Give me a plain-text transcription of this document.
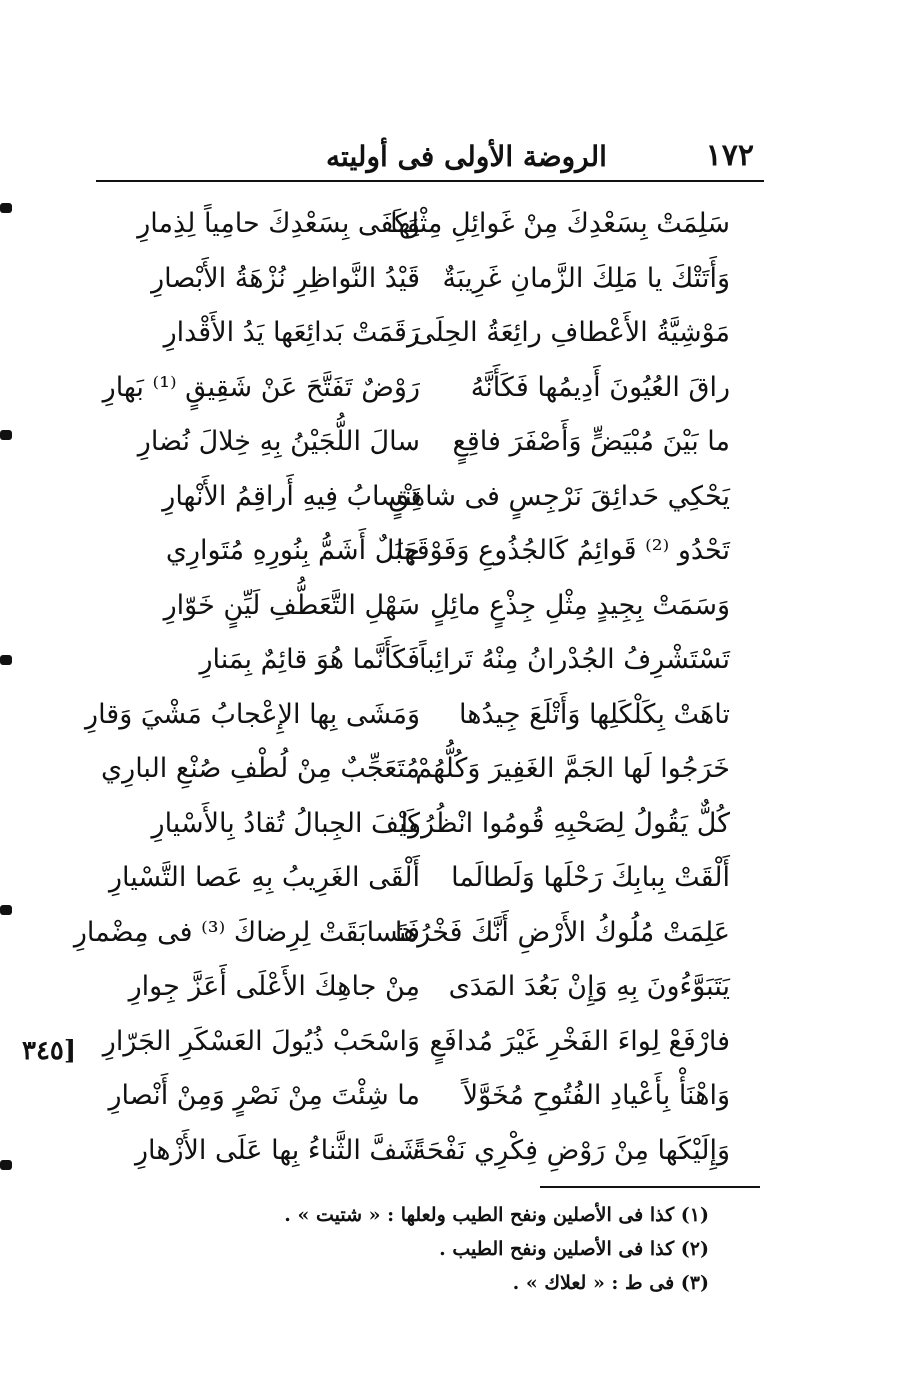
١٧٢
الروضة الأولى فى أوليته
سَلِمَتْ بِسَعْدِكَ مِنْ غَوائِلِ مِثْلِها
وَكَفَى بِسَعْدِكَ حامِياً لِذِمارِ
وَأَتَتْكَ يا مَلِكَ الزَّمانِ غَرِيبَةٌ
قَيْدُ النَّواظِرِ نُزْهَةُ الأَبْصارِ
مَوْشِيَّةُ الأَعْطافِ رائِعَةُ الحِلَى
رَقَمَتْ بَدائِعَها يَدُ الأَقْدارِ
راقَ العُيُونَ أَدِيمُها فَكَأَنَّهُ
رَوْضٌ تَفَتَّحَ عَنْ شَقِيقٍ ⁽¹⁾ بَهارِ
ما بَيْنَ مُبْيَضٍّ وَأَصْفَرَ فاقِعٍ
سالَ اللُّجَيْنُ بِهِ خِلالَ نُضارِ
يَحْكِي حَدائِقَ نَرْجِسٍ فى شاهِقٍ
تَنْسابُ فِيهِ أَراقِمُ الأَنْهارِ
تَحْدُو ⁽²⁾ قَوائِمُ كَالجُذُوعِ وَفَوْقَها
جَبَلٌ أَشَمُّ بِنُورِهِ مُتَوارِي
وَسَمَتْ بِجِيدٍ مِثْلِ جِذْعٍ مائِلٍ
سَهْلِ التَّعَطُّفِ لَيِّنٍ خَوّارِ
تَسْتَشْرِفُ الجُدْرانُ مِنْهُ تَرائِباً
فَكَأَنَّما هُوَ قائِمٌ بِمَنارِ
تاهَتْ بِكَلْكَلِها وَأَتْلَعَ جِيدُها
وَمَشَى بِها الإِعْجابُ مَشْيَ وَقارِ
خَرَجُوا لَها الجَمَّ الغَفِيرَ وَكُلُّهُمْ
مُتَعَجِّبٌ مِنْ لُطْفِ صُنْعِ البارِي
كُلٌّ يَقُولُ لِصَحْبِهِ قُومُوا انْظُرُوا
كَيْفَ الجِبالُ تُقادُ بِالأَسْيارِ
أَلْقَتْ بِبابِكَ رَحْلَها وَلَطالَما
أَلْقَى الغَرِيبُ بِهِ عَصا التَّسْيارِ
عَلِمَتْ مُلُوكُ الأَرْضِ أَنَّكَ فَخْرُها
فَتَسابَقَتْ لِرِضاكَ ⁽³⁾ فى مِضْمارِ
يَتَبَوَّءُونَ بِهِ وَإِنْ بَعُدَ المَدَى
مِنْ جاهِكَ الأَعْلَى أَعَزَّ جِوارِ
فارْفَعْ لِواءَ الفَخْرِ غَيْرَ مُدافَعٍ
وَاسْحَبْ ذُيُولَ العَسْكَرِ الجَرّارِ
وَاهْنَأْ بِأَعْيادِ الفُتُوحِ مُخَوَّلاً
ما شِئْتَ مِنْ نَصْرٍ وَمِنْ أَنْصارِ
وَإِلَيْكَها مِنْ رَوْضِ فِكْرِي نَفْحَةً
شَفَّ الثَّناءُ بِها عَلَى الأَزْهارِ
[٣٤٥
(١) كذا فى الأصلين ونفح الطيب ولعلها : « شتيت » .
(٢) كذا فى الأصلين ونفح الطيب .
(٣) فى ط : « لعلاك » .
